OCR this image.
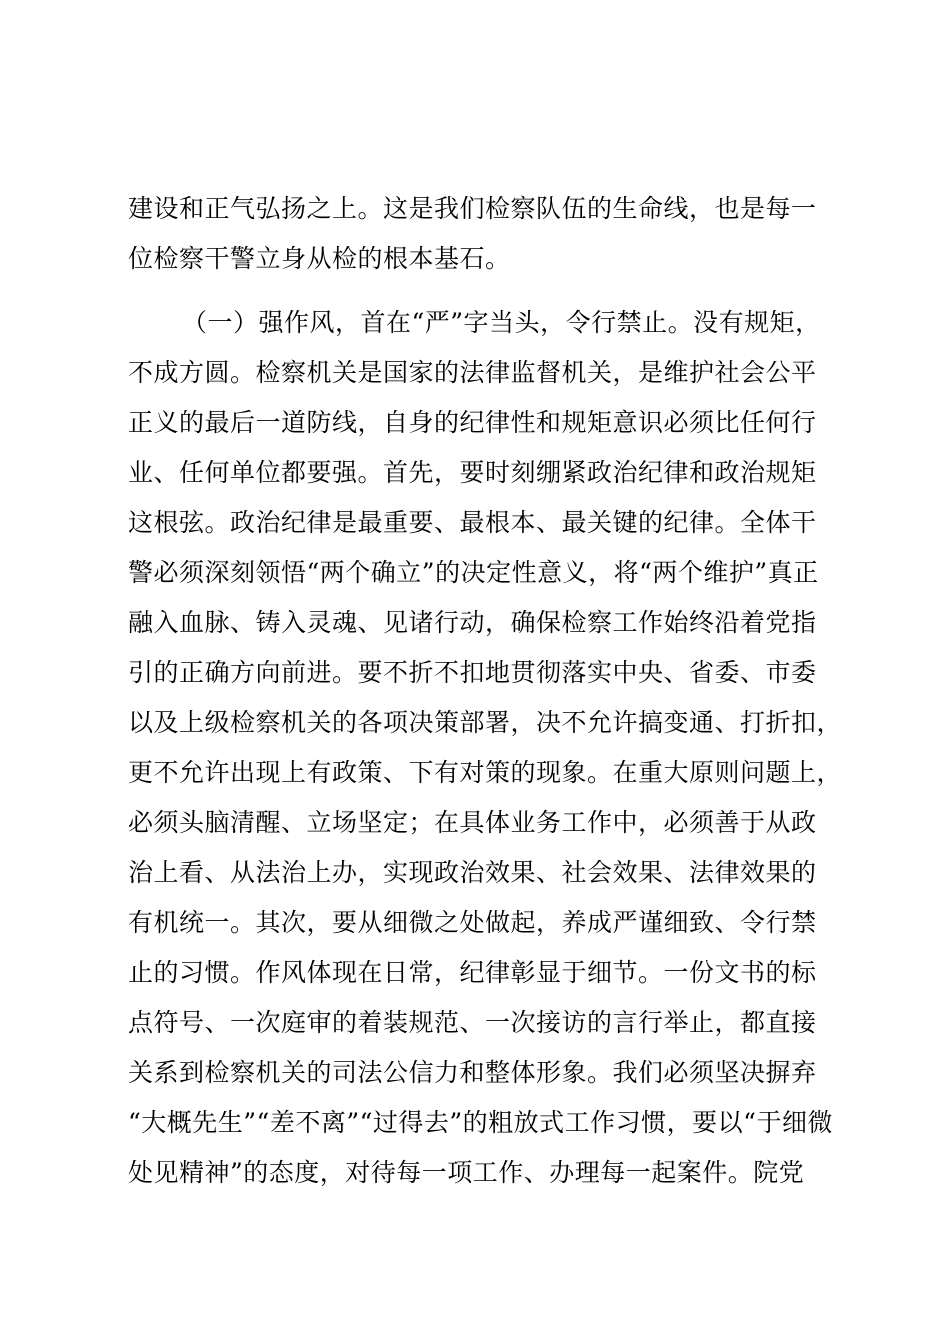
建设和正气弘扬之上。这是我们检察队伍的生命线，也是每一
位检察干警立身从检的根本基石。
（一）强作风，首在“严”字当头，令行禁止。没有规矩，
不成方圆。检察机关是国家的法律监督机关，是维护社会公平
正义的最后一道防线，自身的纪律性和规矩意识必须比任何行
业、任何单位都要强。首先，要时刻绷紧政治纪律和政治规矩
这根弦。政治纪律是最重要、最根本、最关键的纪律。全体干
警必须深刻领悟“两个确立”的决定性意义，将“两个维护”真正
融入血脉、铸入灵魂、见诸行动，确保检察工作始终沿着党指
引的正确方向前进。要不折不扣地贯彻落实中央、省委、市委
以及上级检察机关的各项决策部署，决不允许搞变通、打折扣，
更不允许出现上有政策、下有对策的现象。在重大原则问题上，
必须头脑清醒、立场坚定；在具体业务工作中，必须善于从政
治上看、从法治上办，实现政治效果、社会效果、法律效果的
有机统一。其次，要从细微之处做起，养成严谨细致、令行禁
止的习惯。作风体现在日常，纪律彰显于细节。一份文书的标
点符号、一次庭审的着装规范、一次接访的言行举止，都直接
关系到检察机关的司法公信力和整体形象。我们必须坚决摒弃
“大概先生”“差不离”“过得去”的粗放式工作习惯，要以“于细微
处见精神”的态度，对待每一项工作、办理每一起案件。院党
